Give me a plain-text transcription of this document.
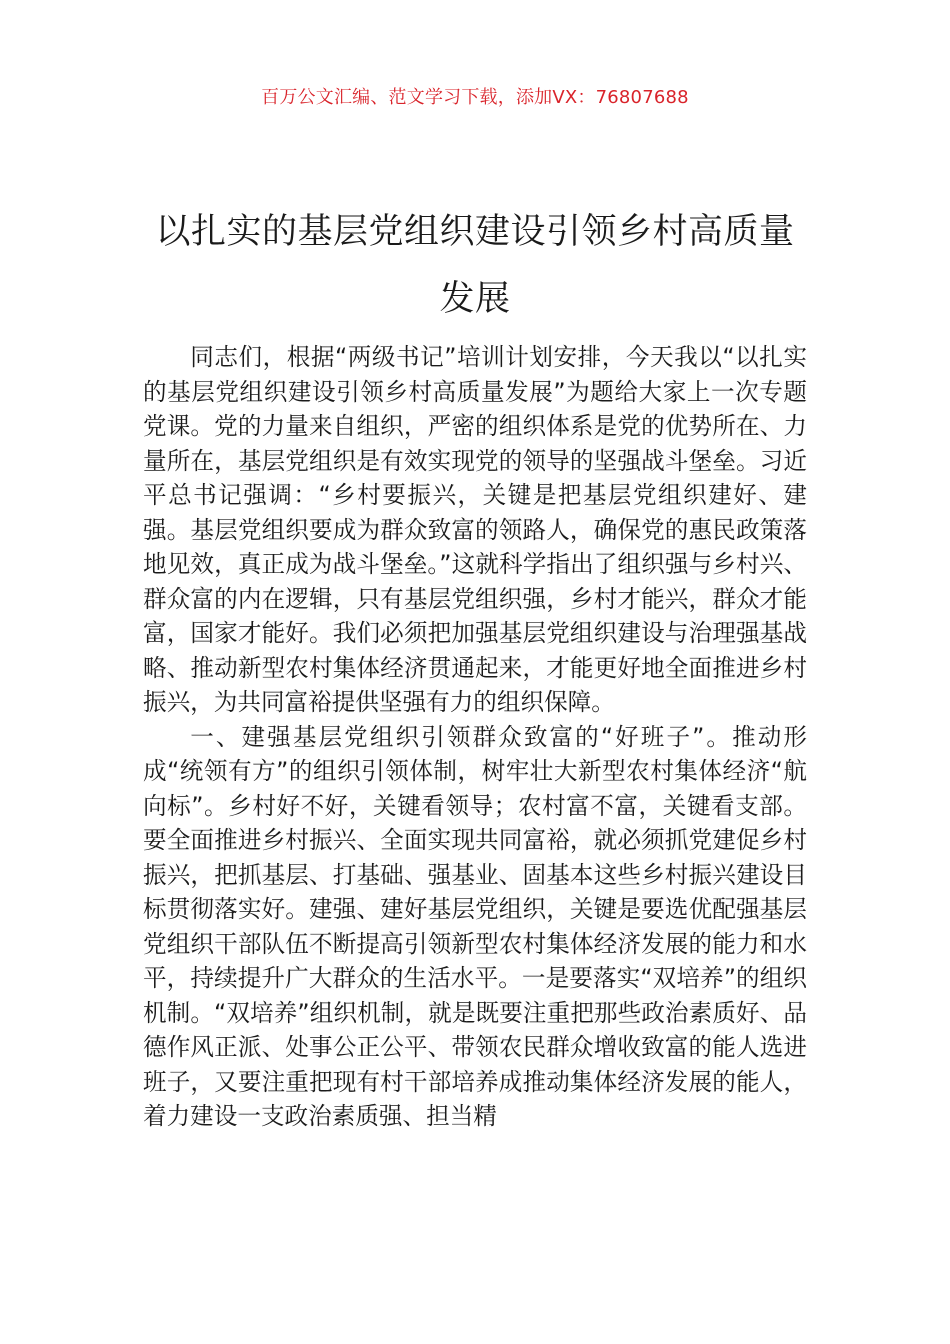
百万公文汇编、范文学习下载，添加VX：76807688
以扎实的基层党组织建设引领乡村高质量发展

同志们，根据“两级书记”培训计划安排，今天我以“以扎实的基层党组织建设引领乡村高质量发展”为题给大家上一次专题党课。党的力量来自组织，严密的组织体系是党的优势所在、力量所在，基层党组织是有效实现党的领导的坚强战斗堡垒。习近平总书记强调：“乡村要振兴，关键是把基层党组织建好、建强。基层党组织要成为群众致富的领路人，确保党的惠民政策落地见效，真正成为战斗堡垒。”这就科学指出了组织强与乡村兴、群众富的内在逻辑，只有基层党组织强，乡村才能兴，群众才能富，国家才能好。我们必须把加强基层党组织建设与治理强基战略、推动新型农村集体经济贯通起来，才能更好地全面推进乡村振兴，为共同富裕提供坚强有力的组织保障。

一、建强基层党组织引领群众致富的“好班子”。推动形成“统领有方”的组织引领体制，树牢壮大新型农村集体经济“航向标”。乡村好不好，关键看领导；农村富不富，关键看支部。要全面推进乡村振兴、全面实现共同富裕，就必须抓党建促乡村振兴，把抓基层、打基础、强基业、固基本这些乡村振兴建设目标贯彻落实好。建强、建好基层党组织，关键是要选优配强基层党组织干部队伍不断提高引领新型农村集体经济发展的能力和水平，持续提升广大群众的生活水平。一是要落实“双培养”的组织机制。“双培养”组织机制，就是既要注重把那些政治素质好、品德作风正派、处事公正公平、带领农民群众增收致富的能人选进班子，又要注重把现有村干部培养成推动集体经济发展的能人，着力建设一支政治素质强、担当精
